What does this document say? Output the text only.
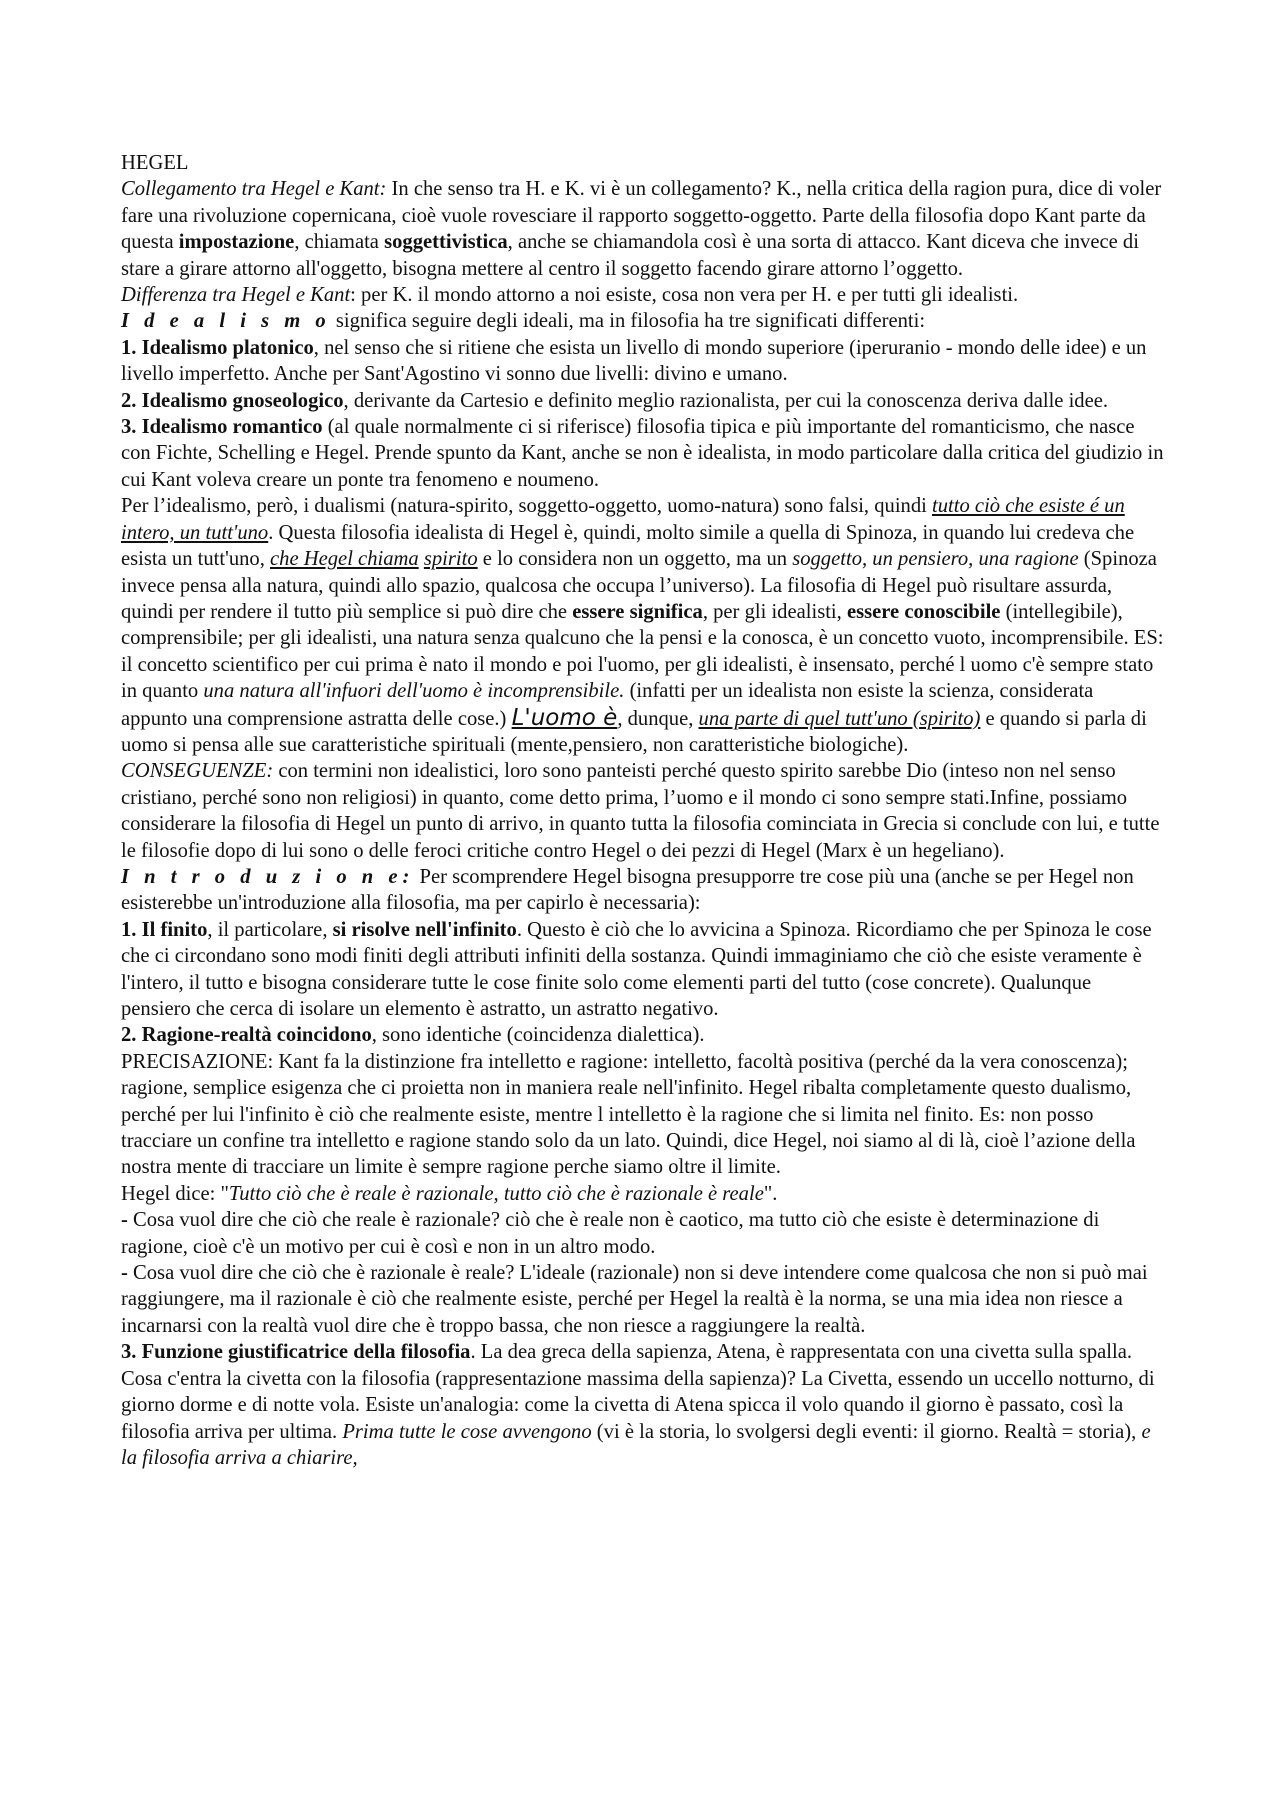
HEGEL

Collegamento tra Hegel e Kant: In che senso tra H. e K. vi è un collegamento? K., nella critica della ragion pura, dice di voler fare una rivoluzione copernicana, cioè vuole rovesciare il rapporto soggetto-oggetto. Parte della filosofia dopo Kant parte da questa impostazione, chiamata soggettivistica, anche se chiamandola così è una sorta di attacco. Kant diceva che invece di stare a girare attorno all'oggetto, bisogna mettere al centro il soggetto facendo girare attorno l’oggetto.

Differenza tra Hegel e Kant: per K. il mondo attorno a noi esiste, cosa non vera per H. e per tutti gli idealisti.

I d e a l i s m o significa seguire degli ideali, ma in filosofia ha tre significati differenti:

1. Idealismo platonico, nel senso che si ritiene che esista un livello di mondo superiore (iperuranio - mondo delle idee) e un livello imperfetto. Anche per Sant'Agostino vi sonno due livelli: divino e umano.

2. Idealismo gnoseologico, derivante da Cartesio e definito meglio razionalista, per cui la conoscenza deriva dalle idee.

3. Idealismo romantico (al quale normalmente ci si riferisce) filosofia tipica e più importante del romanticismo, che nasce con Fichte, Schelling e Hegel. Prende spunto da Kant, anche se non è idealista, in modo particolare dalla critica del giudizio in cui Kant voleva creare un ponte tra fenomeno e noumeno.

Per l’idealismo, però, i dualismi (natura-spirito, soggetto-oggetto, uomo-natura) sono falsi, quindi tutto ciò che esiste é un intero, un tutt'uno. Questa filosofia idealista di Hegel è, quindi, molto simile a quella di Spinoza, in quando lui credeva che esista un tutt'uno, che Hegel chiama spirito e lo considera non un oggetto, ma un soggetto, un pensiero, una ragione (Spinoza invece pensa alla natura, quindi allo spazio, qualcosa che occupa l’universo). La filosofia di Hegel può risultare assurda, quindi per rendere il tutto più semplice si può dire che essere significa, per gli idealisti, essere conoscibile (intellegibile), comprensibile; per gli idealisti, una natura senza qualcuno che la pensi e la conosca, è un concetto vuoto, incomprensibile. ES: il concetto scientifico per cui prima è nato il mondo e poi l'uomo, per gli idealisti, è insensato, perché l uomo c'è sempre stato in quanto una natura all'infuori dell'uomo è incomprensibile. (infatti per un idealista non esiste la scienza, considerata appunto una comprensione astratta delle cose.) L'uomo è, dunque, una parte di quel tutt'uno (spirito) e quando si parla di uomo si pensa alle sue caratteristiche spirituali (mente,pensiero, non caratteristiche biologiche).

CONSEGUENZE: con termini non idealistici, loro sono panteisti perché questo spirito sarebbe Dio (inteso non nel senso cristiano, perché sono non religiosi) in quanto, come detto prima, l’uomo e il mondo ci sono sempre stati.Infine, possiamo considerare la filosofia di Hegel un punto di arrivo, in quanto tutta la filosofia cominciata in Grecia si conclude con lui, e tutte le filosofie dopo di lui sono o delle feroci critiche contro Hegel o dei pezzi di Hegel (Marx è un hegeliano).

I n t r o d u z i o n e: Per scomprendere Hegel bisogna presupporre tre cose più una (anche se per Hegel non esisterebbe un'introduzione alla filosofia, ma per capirlo è necessaria):

1. Il finito, il particolare, si risolve nell'infinito. Questo è ciò che lo avvicina a Spinoza. Ricordiamo che per Spinoza le cose che ci circondano sono modi finiti degli attributi infiniti della sostanza. Quindi immaginiamo che ciò che esiste veramente è l'intero, il tutto e bisogna considerare tutte le cose finite solo come elementi parti del tutto (cose concrete). Qualunque pensiero che cerca di isolare un elemento è astratto, un astratto negativo.

2. Ragione-realtà coincidono, sono identiche (coincidenza dialettica).

PRECISAZIONE: Kant fa la distinzione fra intelletto e ragione: intelletto, facoltà positiva (perché da la vera conoscenza); ragione, semplice esigenza che ci proietta non in maniera reale nell'infinito. Hegel ribalta completamente questo dualismo, perché per lui l'infinito è ciò che realmente esiste, mentre l intelletto è la ragione che si limita nel finito. Es: non posso tracciare un confine tra intelletto e ragione stando solo da un lato. Quindi, dice Hegel, noi siamo al di là, cioè l’azione della nostra mente di tracciare un limite è sempre ragione perche siamo oltre il limite.

Hegel dice: "Tutto ciò che è reale è razionale, tutto ciò che è razionale è reale".

- Cosa vuol dire che ciò che reale è razionale? ciò che è reale non è caotico, ma tutto ciò che esiste è determinazione di ragione, cioè c'è un motivo per cui è così e non in un altro modo.

- Cosa vuol dire che ciò che è razionale è reale? L'ideale (razionale) non si deve intendere come qualcosa che non si può mai raggiungere, ma il razionale è ciò che realmente esiste, perché per Hegel la realtà è la norma, se una mia idea non riesce a incarnarsi con la realtà vuol dire che è troppo bassa, che non riesce a raggiungere la realtà.

3. Funzione giustificatrice della filosofia. La dea greca della sapienza, Atena, è rappresentata con una civetta sulla spalla. Cosa c'entra la civetta con la filosofia (rappresentazione massima della sapienza)? La Civetta, essendo un uccello notturno, di giorno dorme e di notte vola. Esiste un'analogia: come la civetta di Atena spicca il volo quando il giorno è passato, così la filosofia arriva per ultima. Prima tutte le cose avvengono (vi è la storia, lo svolgersi degli eventi: il giorno. Realtà = storia), e la filosofia arriva a chiarire,
